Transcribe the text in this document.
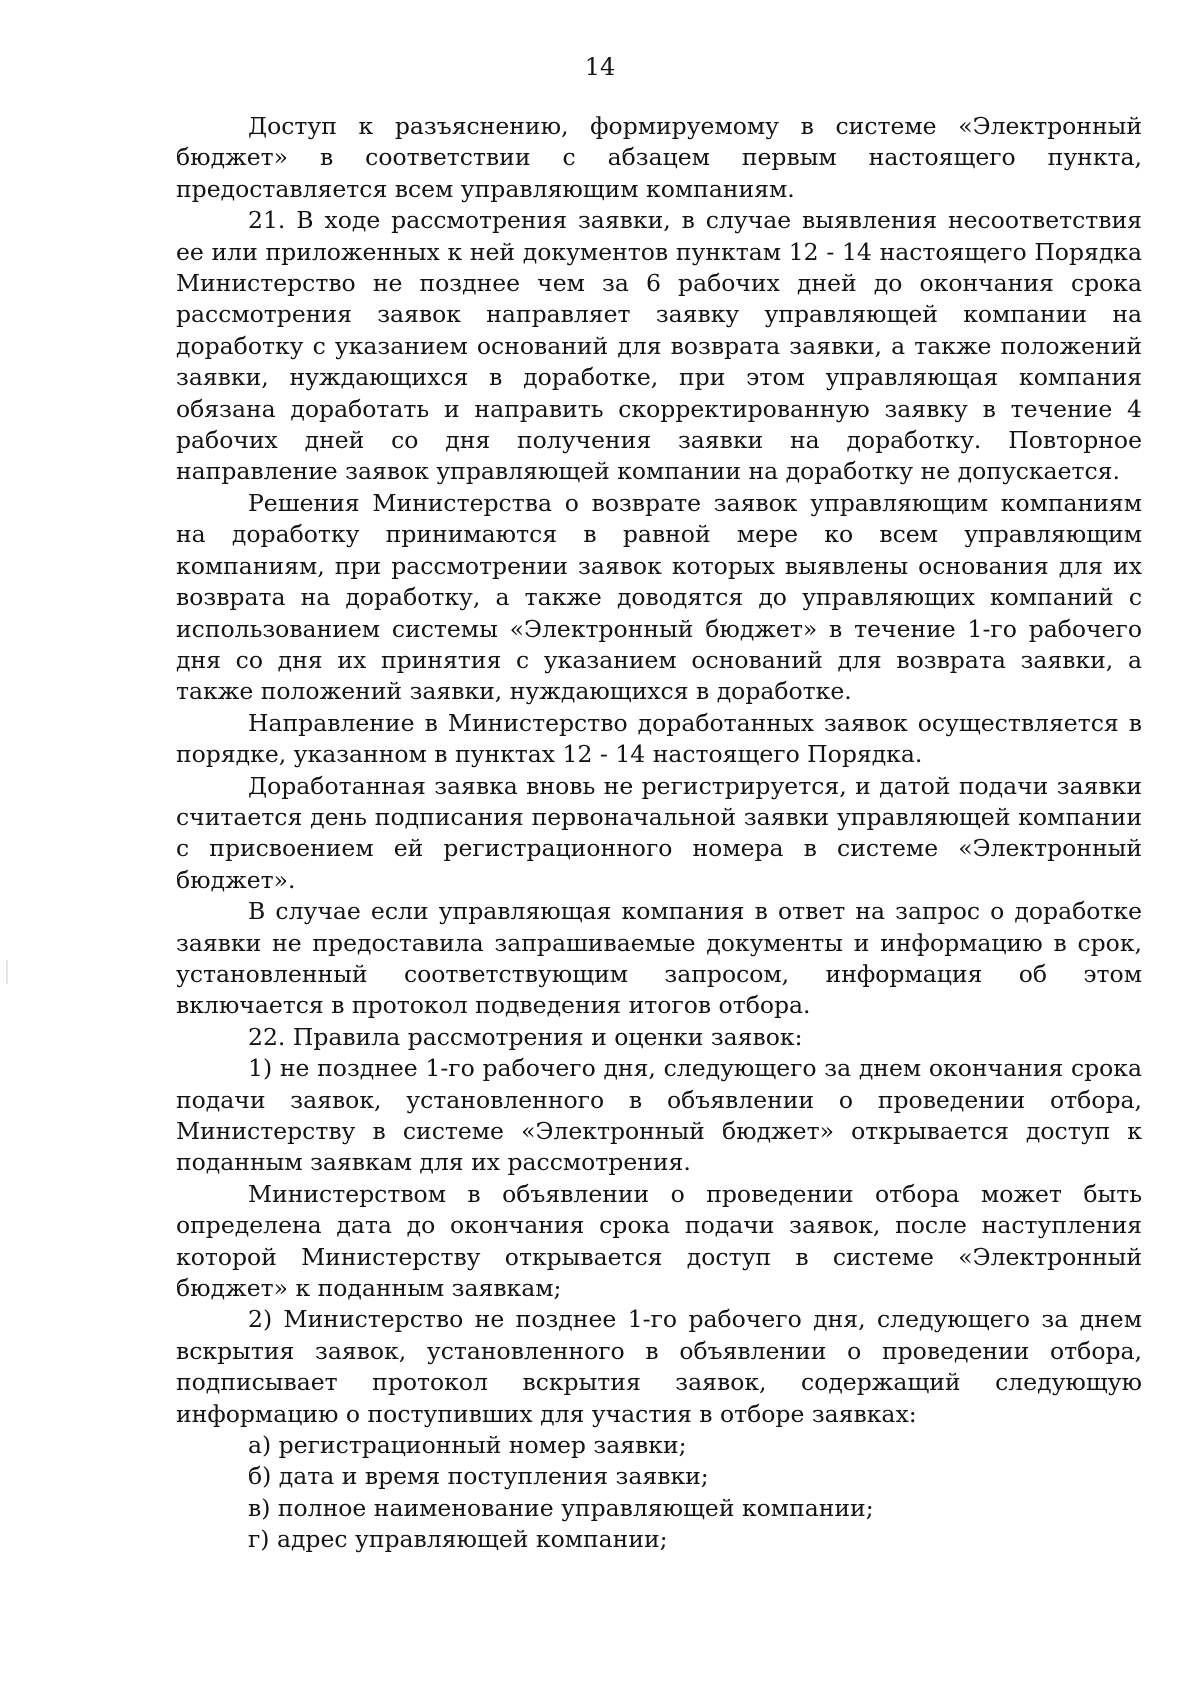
14

Доступ к разъяснению, формируемому в системе «Электронный бюджет» в соответствии с абзацем первым настоящего пункта, предоставляется всем управляющим компаниям.

21. В ходе рассмотрения заявки, в случае выявления несоответствия ее или приложенных к ней документов пунктам 12 - 14 настоящего Порядка Министерство не позднее чем за 6 рабочих дней до окончания срока рассмотрения заявок направляет заявку управляющей компании на доработку с указанием оснований для возврата заявки, а также положений заявки, нуждающихся в доработке, при этом управляющая компания обязана доработать и направить скорректированную заявку в течение 4 рабочих дней со дня получения заявки на доработку. Повторное направление заявок управляющей компании на доработку не допускается.

Решения Министерства о возврате заявок управляющим компаниям на доработку принимаются в равной мере ко всем управляющим компаниям, при рассмотрении заявок которых выявлены основания для их возврата на доработку, а также доводятся до управляющих компаний с использованием системы «Электронный бюджет» в течение 1-го рабочего дня со дня их принятия с указанием оснований для возврата заявки, а также положений заявки, нуждающихся в доработке.

Направление в Министерство доработанных заявок осуществляется в порядке, указанном в пунктах 12 - 14 настоящего Порядка.

Доработанная заявка вновь не регистрируется, и датой подачи заявки считается день подписания первоначальной заявки управляющей компании с присвоением ей регистрационного номера в системе «Электронный бюджет».

В случае если управляющая компания в ответ на запрос о доработке заявки не предоставила запрашиваемые документы и информацию в срок, установленный соответствующим запросом, информация об этом включается в протокол подведения итогов отбора.

22. Правила рассмотрения и оценки заявок:

1) не позднее 1-го рабочего дня, следующего за днем окончания срока подачи заявок, установленного в объявлении о проведении отбора, Министерству в системе «Электронный бюджет» открывается доступ к поданным заявкам для их рассмотрения.

Министерством в объявлении о проведении отбора может быть определена дата до окончания срока подачи заявок, после наступления которой Министерству открывается доступ в системе «Электронный бюджет» к поданным заявкам;

2) Министерство не позднее 1-го рабочего дня, следующего за днем вскрытия заявок, установленного в объявлении о проведении отбора, подписывает протокол вскрытия заявок, содержащий следующую информацию о поступивших для участия в отборе заявках:

а) регистрационный номер заявки;

б) дата и время поступления заявки;

в) полное наименование управляющей компании;

г) адрес управляющей компании;
